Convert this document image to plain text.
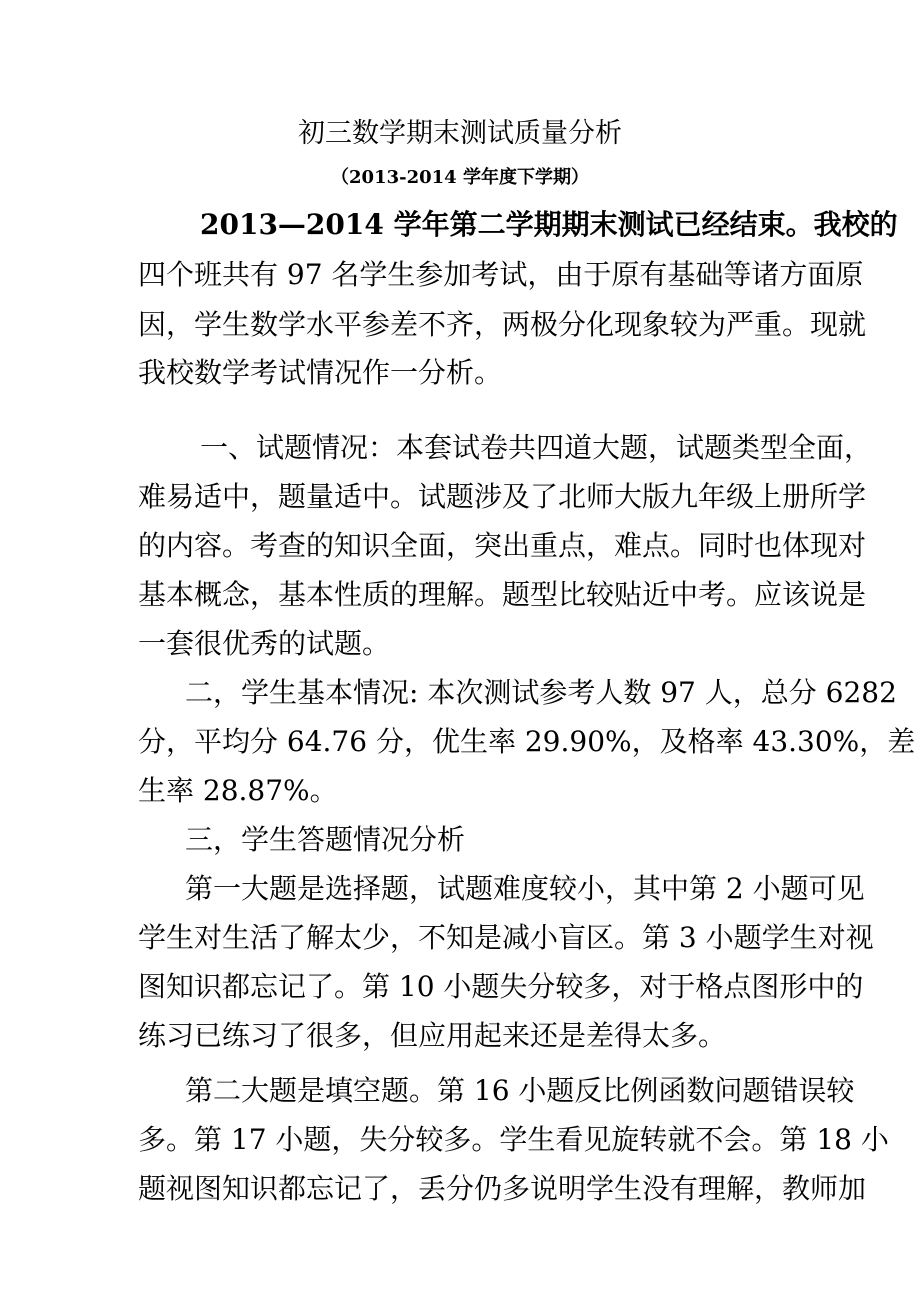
初三数学期末测试质量分析
（2013-2014 学年度下学期）
2013—2014 学年第二学期期末测试已经结束。我校的
四个班共有 97 名学生参加考试，由于原有基础等诸方面原
因，学生数学水平参差不齐，两极分化现象较为严重。现就
我校数学考试情况作一分析。
一、试题情况：本套试卷共四道大题，试题类型全面，
难易适中，题量适中。试题涉及了北师大版九年级上册所学
的内容。考查的知识全面，突出重点，难点。同时也体现对
基本概念，基本性质的理解。题型比较贴近中考。应该说是
一套很优秀的试题。
二，学生基本情况: 本次测试参考人数 97 人，总分 6282
分，平均分 64.76 分，优生率 29.90%，及格率 43.30%，差
生率 28.87%。
三，学生答题情况分析
第一大题是选择题，试题难度较小，其中第 2 小题可见
学生对生活了解太少，不知是减小盲区。第 3 小题学生对视
图知识都忘记了。第 10 小题失分较多，对于格点图形中的
练习已练习了很多，但应用起来还是差得太多。
第二大题是填空题。第 16 小题反比例函数问题错误较
多。第 17 小题，失分较多。学生看见旋转就不会。第 18 小
题视图知识都忘记了，丢分仍多说明学生没有理解，教师加
